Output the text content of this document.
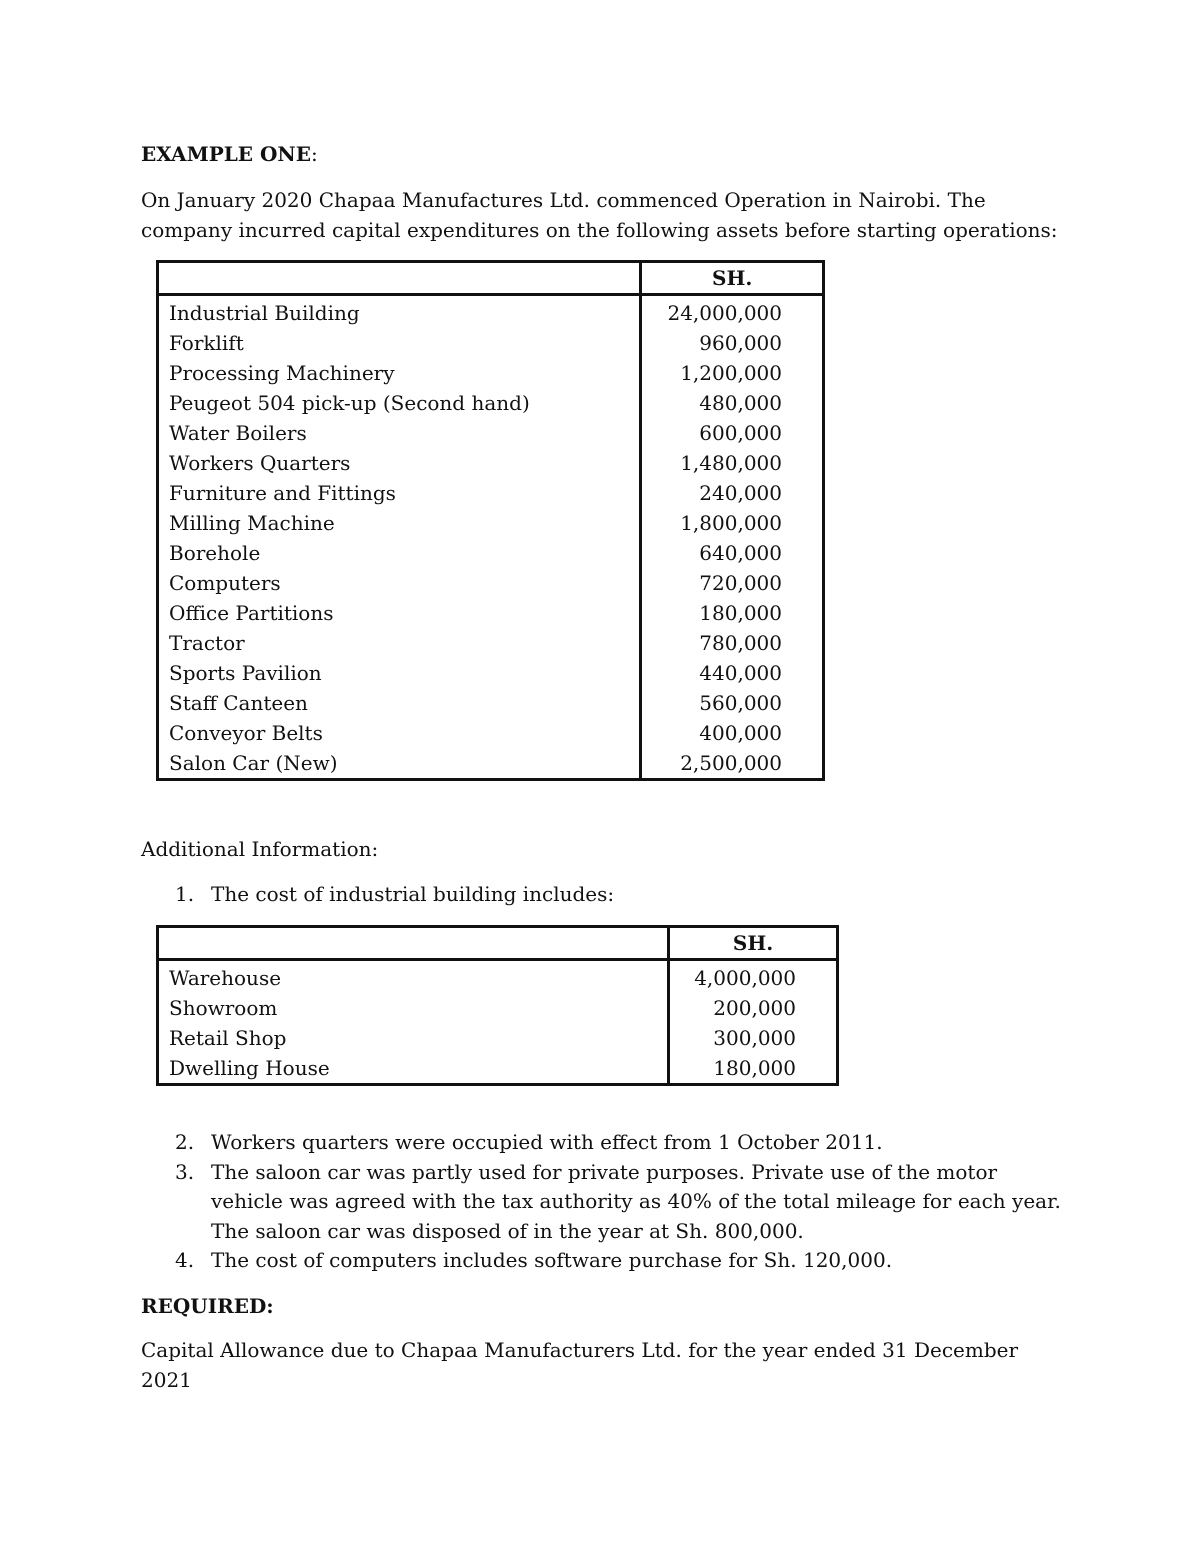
EXAMPLE ONE:

On January 2020 Chapaa Manufactures Ltd. commenced Operation in Nairobi. The company incurred capital expenditures on the following assets before starting operations:

	SH.
Industrial Building	24,000,000
Forklift	960,000
Processing Machinery	1,200,000
Peugeot 504 pick-up (Second hand)	480,000
Water Boilers	600,000
Workers Quarters	1,480,000
Furniture and Fittings	240,000
Milling Machine	1,800,000
Borehole	640,000
Computers	720,000
Office Partitions	180,000
Tractor	780,000
Sports Pavilion	440,000
Staff Canteen	560,000
Conveyor Belts	400,000
Salon Car (New)	2,500,000

Additional Information:

1. The cost of industrial building includes:
	SH.
Warehouse	4,000,000
Showroom	200,000
Retail Shop	300,000
Dwelling House	180,000
2. Workers quarters were occupied with effect from 1 October 2011.
3. The saloon car was partly used for private purposes. Private use of the motor vehicle was agreed with the tax authority as 40% of the total mileage for each year. The saloon car was disposed of in the year at Sh. 800,000.
4. The cost of computers includes software purchase for Sh. 120,000.

REQUIRED:

Capital Allowance due to Chapaa Manufacturers Ltd. for the year ended 31 December 2021
